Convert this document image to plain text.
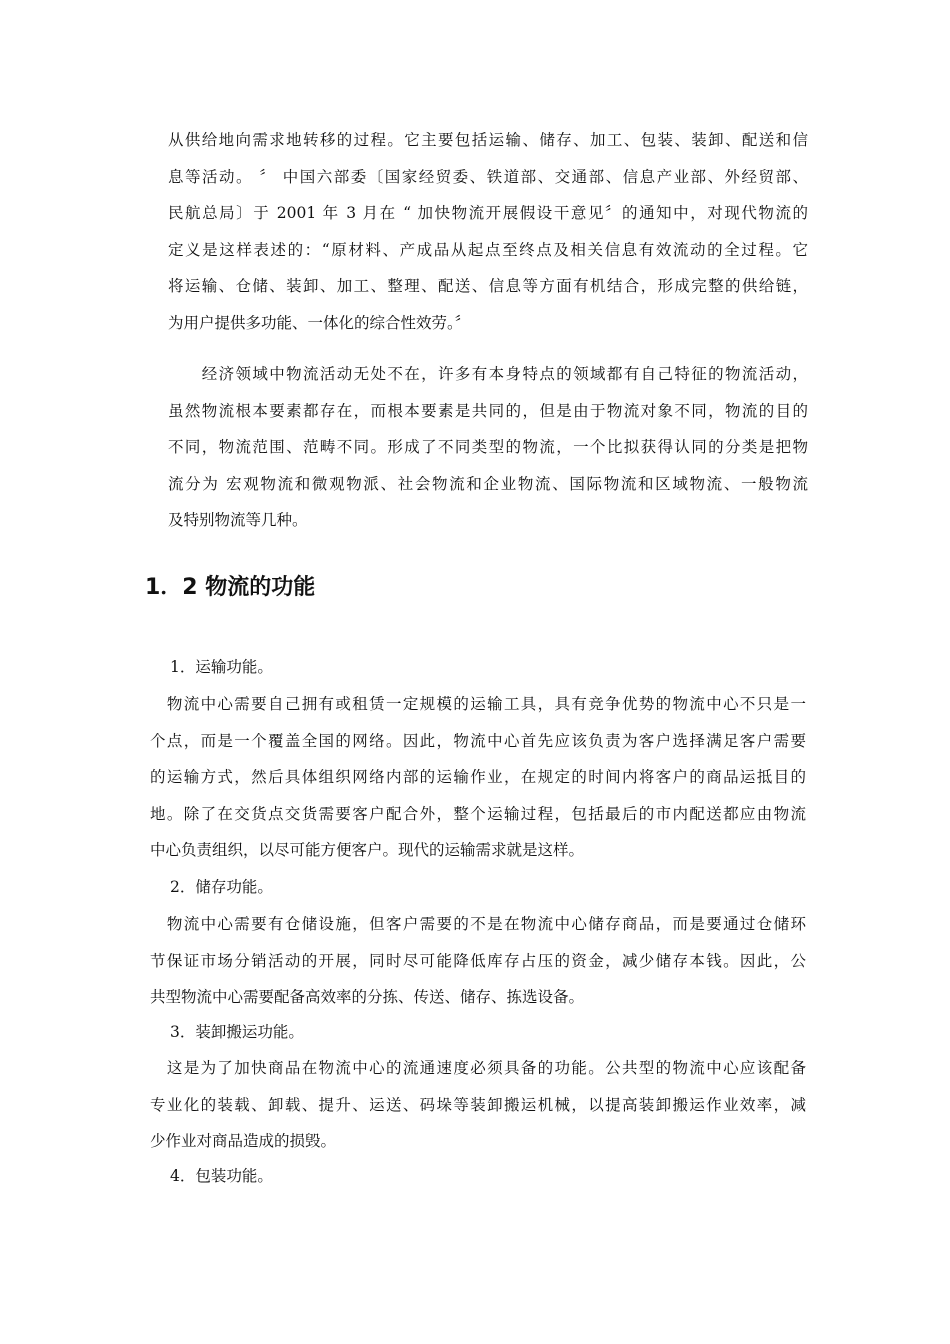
从供给地向需求地转移的过程。它主要包括运输、储存、加工、包装、装卸、配送和信
息等活动。 〞 中国六部委〔国家经贸委、铁道部、交通部、信息产业部、外经贸部、
民航总局〕于 2001 年 3 月在 “ 加快物流开展假设干意见〞的通知中，对现代物流的
定义是这样表述的：“原材料、产成品从起点至终点及相关信息有效流动的全过程。它
将运输、仓储、装卸、加工、整理、配送、信息等方面有机结合，形成完整的供给链，
为用户提供多功能、一体化的综合性效劳。〞
　　经济领域中物流活动无处不在，许多有本身特点的领域都有自己特征的物流活动，
虽然物流根本要素都存在，而根本要素是共同的，但是由于物流对象不同，物流的目的
不同，物流范围、范畴不同。形成了不同类型的物流，一个比拟获得认同的分类是把物
流分为 宏观物流和微观物派、社会物流和企业物流、国际物流和区域物流、一般物流
及特别物流等几种。
1．2 物流的功能

1．运输功能。

　物流中心需要自己拥有或租赁一定规模的运输工具，具有竞争优势的物流中心不只是一
个点，而是一个覆盖全国的网络。因此，物流中心首先应该负责为客户选择满足客户需要
的运输方式，然后具体组织网络内部的运输作业，在规定的时间内将客户的商品运抵目的
地。除了在交货点交货需要客户配合外，整个运输过程，包括最后的市内配送都应由物流
中心负责组织，以尽可能方便客户。现代的运输需求就是这样。

2．储存功能。

　物流中心需要有仓储设施，但客户需要的不是在物流中心储存商品，而是要通过仓储环
节保证市场分销活动的开展，同时尽可能降低库存占压的资金，减少储存本钱。因此，公
共型物流中心需要配备高效率的分拣、传送、储存、拣选设备。

3．装卸搬运功能。

　这是为了加快商品在物流中心的流通速度必须具备的功能。公共型的物流中心应该配备
专业化的装载、卸载、提升、运送、码垛等装卸搬运机械，以提高装卸搬运作业效率，减
少作业对商品造成的损毁。

4．包装功能。
